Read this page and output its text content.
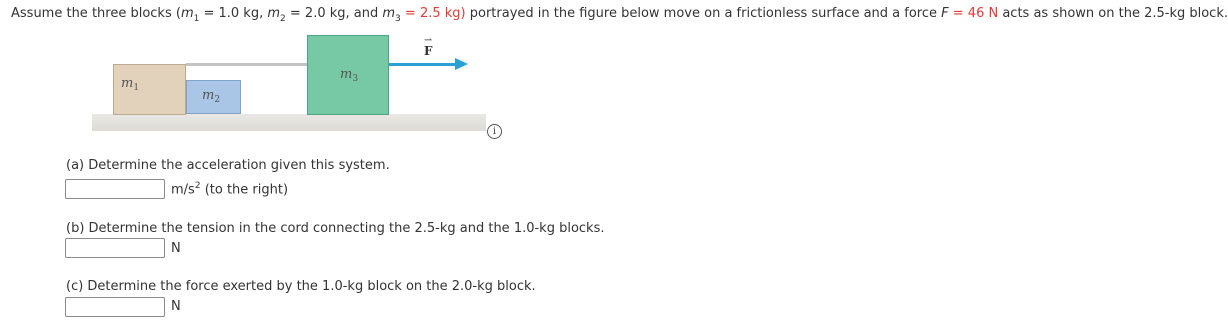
Assume the three blocks ($m_1 = 1.0$ kg, $m_2 = 2.0$ kg, and $m_3 = 2.5$ kg) portrayed in the figure below move on a frictionless surface and a force F = 46 N acts as shown on the 2.5-kg block.
$m_1$	$m_2$
$m_3$
⇀
F
i
(a) Determine the acceleration given this system.
$m/s^2$ (to the right)
(b) Determine the tension in the cord connecting the 2.5-kg and the 1.0-kg blocks.
N
(c) Determine the force exerted by the 1.0-kg block on the 2.0-kg block.
N
